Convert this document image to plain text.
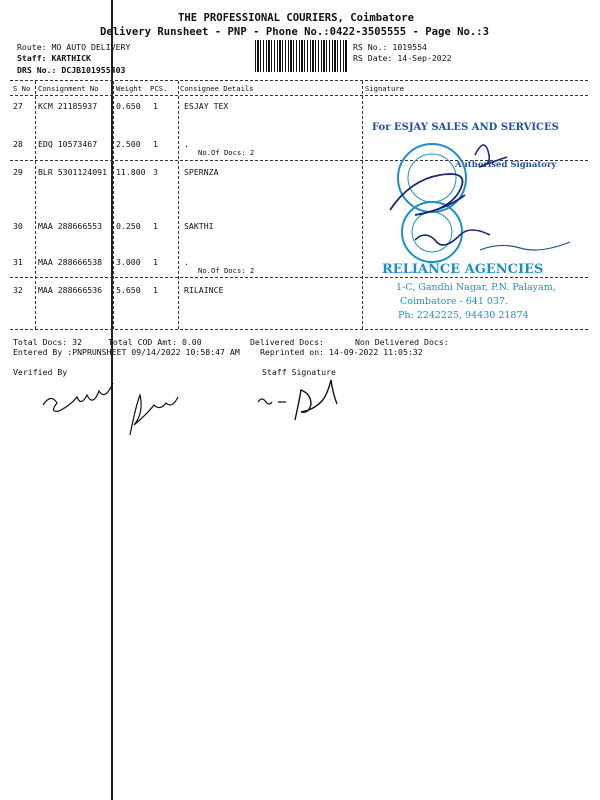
THE PROFESSIONAL COURIERS, Coimbatore
Delivery Runsheet - PNP - Phone No.:0422-3505555 - Page No.:3
Route: MO AUTO DELIVERY
Staff: KARTHICK
DRS No.: DCJB101955403
RS No.: 1019554
RS Date: 14-Sep-2022
S No Consignment No Weight PCS. Consignee Details	Signature
27 KCM 21185937 0.650 1	ESJAY TEX
28 EDQ 10573467 2.500 1	.
No.Of Docs: 2
29 BLR 5301124091 11.800 3	SPERNZA
30 MAA 288666553 0.250 1	SAKTHI
31 MAA 288666538 3.000 1	.
No.Of Docs: 2
32 MAA 288666536 5.650 1	RILAINCE
Total Docs: 32	Total COD Amt: 0.00	Delivered Docs:	Non Delivered Docs:
Entered By :PNPRUNSHEET 09/14/2022 10:58:47 AM Reprinted on: 14-09-2022 11:05:32
Verified By	Staff Signature
For ESJAY SALES AND SERVICES
Authorised Signatory
RELIANCE AGENCIES
1-C, Gandhi Nagar, P.N. Palayam,
Coimbatore - 641 037.
Ph: 2242225, 94430 21874
